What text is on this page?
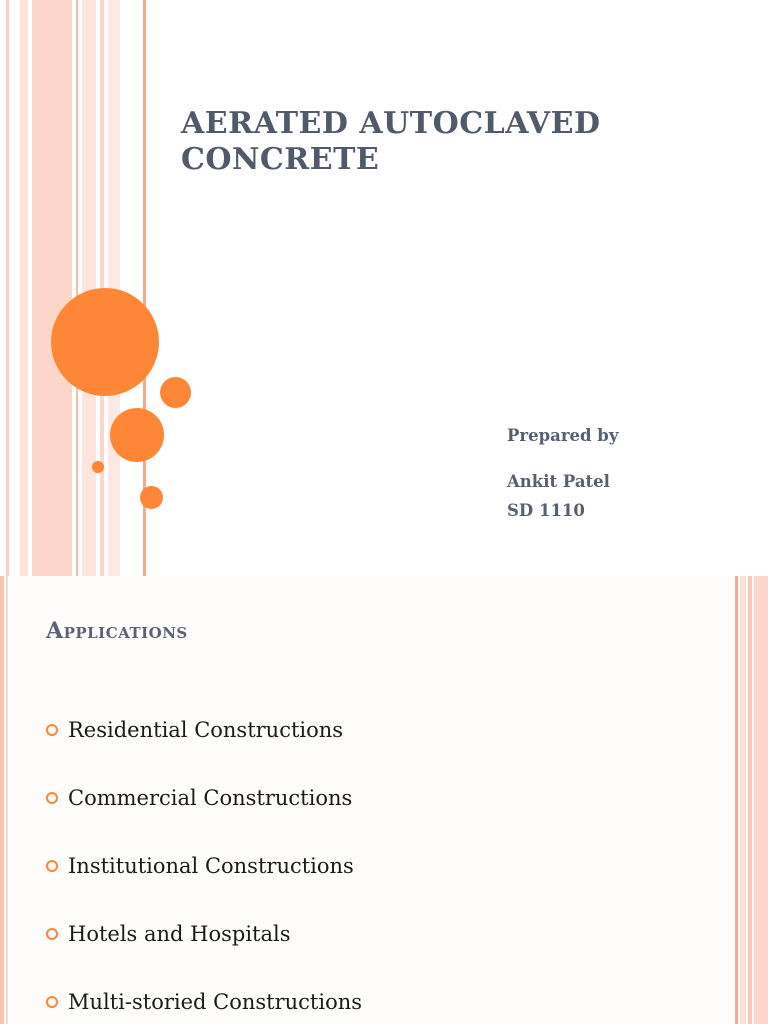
AERATED AUTOCLAVED CONCRETE
Prepared by
Ankit Patel
SD 1110
Applications
Residential Constructions
Commercial Constructions
Institutional Constructions
Hotels and Hospitals
Multi-storied Constructions
